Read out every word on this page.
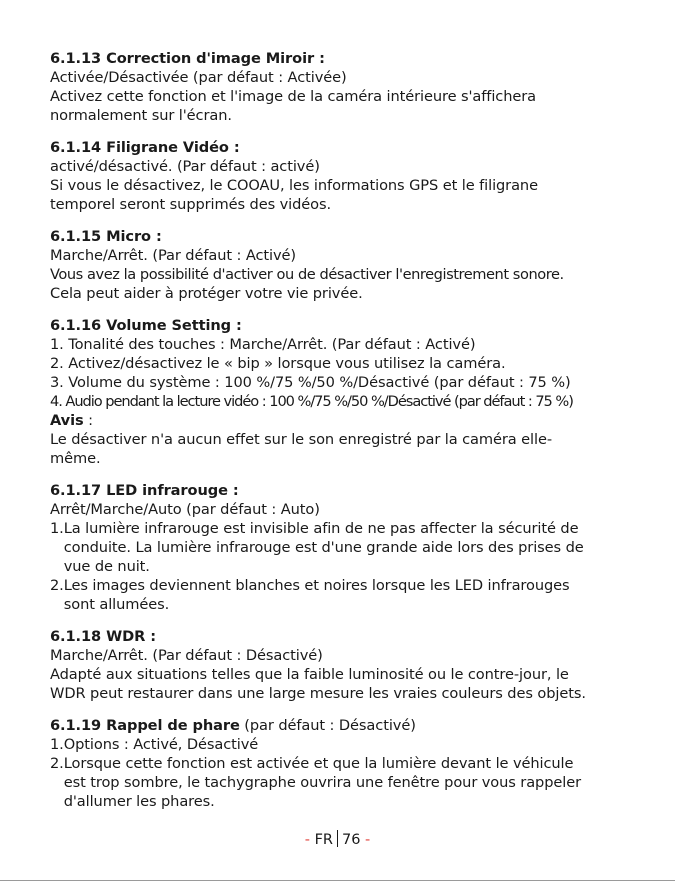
6.1.13 Correction d'image Miroir :
Activée/Désactivée (par défaut : Activée)
Activez cette fonction et l'image de la caméra intérieure s'affichera
normalement sur l'écran.
6.1.14 Filigrane Vidéo :
activé/désactivé. (Par défaut : activé)
Si vous le désactivez, le COOAU, les informations GPS et le filigrane
temporel seront supprimés des vidéos.
6.1.15 Micro :
Marche/Arrêt. (Par défaut : Activé)
Vous avez la possibilité d'activer ou de désactiver l'enregistrement sonore.
Cela peut aider à protéger votre vie privée.
6.1.16 Volume Setting :
1. Tonalité des touches : Marche/Arrêt. (Par défaut : Activé)
2. Activez/désactivez le « bip » lorsque vous utilisez la caméra.
3. Volume du système : 100 %/75 %/50 %/Désactivé (par défaut : 75 %)
4. Audio pendant la lecture vidéo : 100 %/75 %/50 %/Désactivé (par défaut : 75 %)
Avis :
Le désactiver n'a aucun effet sur le son enregistré par la caméra elle-
même.
6.1.17 LED infrarouge :
Arrêt/Marche/Auto (par défaut : Auto)
1. La lumière infrarouge est invisible afin de ne pas affecter la sécurité de
conduite. La lumière infrarouge est d'une grande aide lors des prises de
vue de nuit.
2. Les images deviennent blanches et noires lorsque les LED infrarouges
sont allumées.
6.1.18 WDR :
Marche/Arrêt. (Par défaut : Désactivé)
Adapté aux situations telles que la faible luminosité ou le contre-jour, le
WDR peut restaurer dans une large mesure les vraies couleurs des objets.
6.1.19 Rappel de phare (par défaut : Désactivé)
1. Options : Activé, Désactivé
2. Lorsque cette fonction est activée et que la lumière devant le véhicule
est trop sombre, le tachygraphe ouvrira une fenêtre pour vous rappeler
d'allumer les phares.
- FR 76 -
